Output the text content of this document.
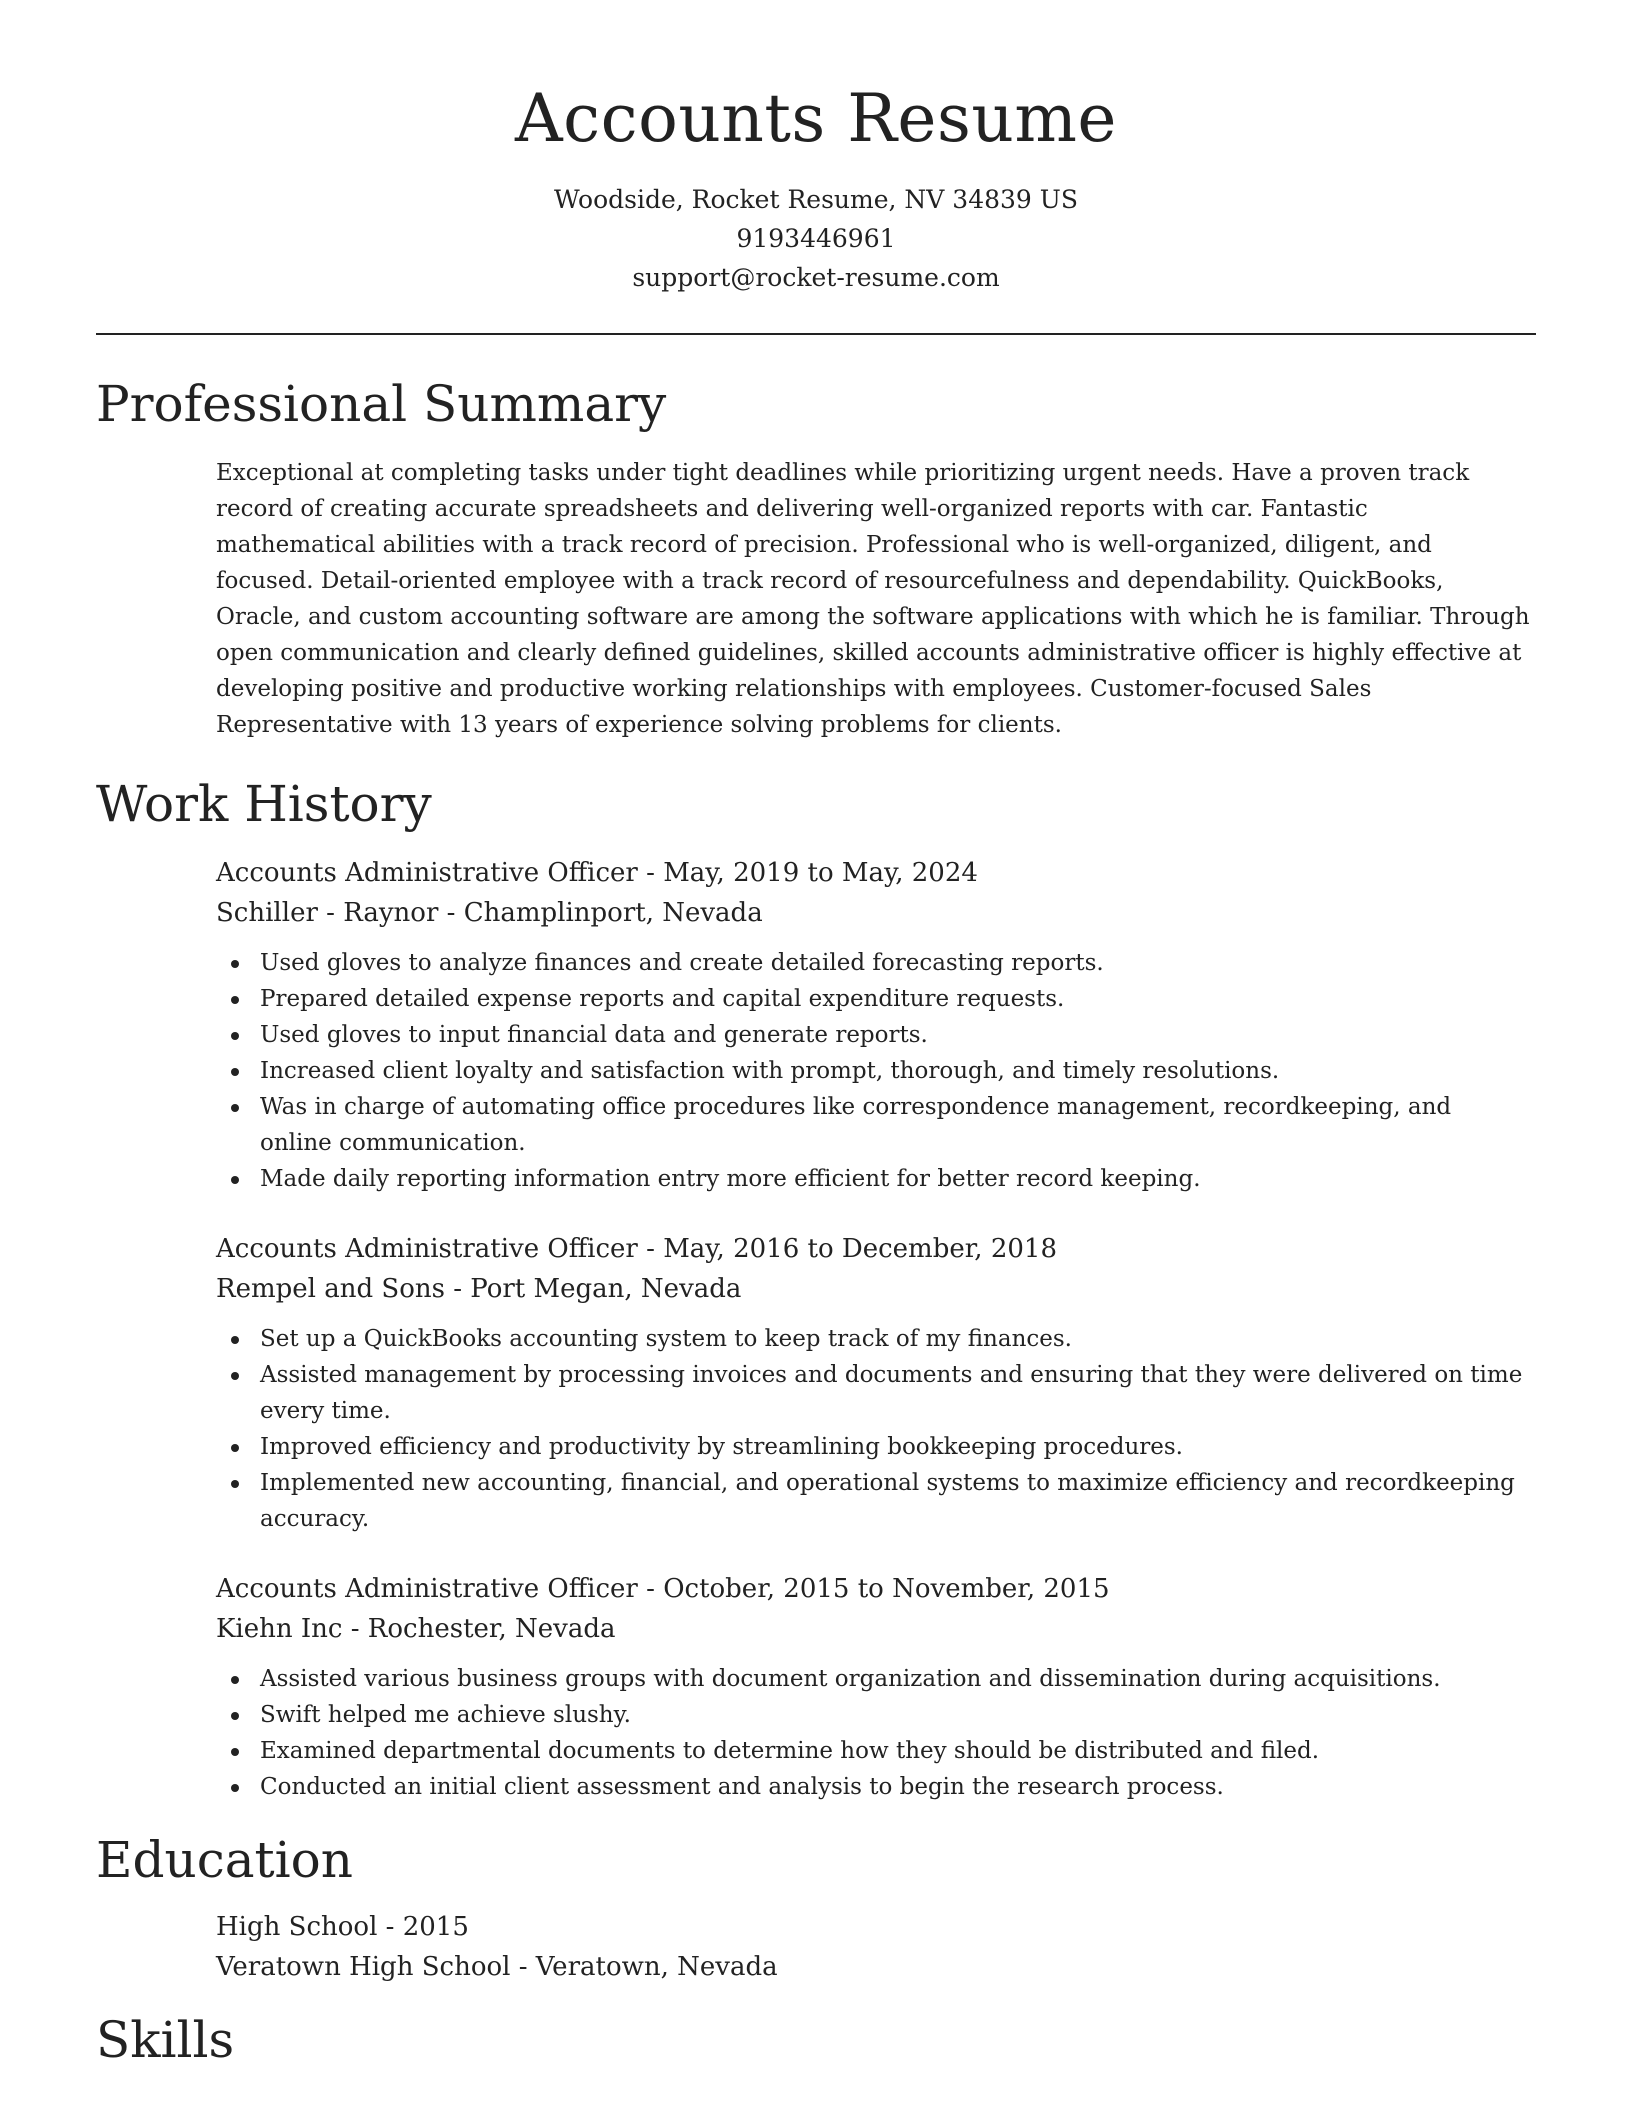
Accounts Resume
Woodside, Rocket Resume, NV 34839 US
9193446961
support@rocket-resume.com
Professional Summary

Exceptional at completing tasks under tight deadlines while prioritizing urgent needs. Have a proven track record of creating accurate spreadsheets and delivering well-organized reports with car. Fantastic mathematical abilities with a track record of precision. Professional who is well-organized, diligent, and focused. Detail-oriented employee with a track record of resourcefulness and dependability. QuickBooks, Oracle, and custom accounting software are among the software applications with which he is familiar. Through open communication and clearly defined guidelines, skilled accounts administrative officer is highly effective at developing positive and productive working relationships with employees. Customer-focused Sales Representative with 13 years of experience solving problems for clients.

Work History
Accounts Administrative Officer - May, 2019 to May, 2024
Schiller - Raynor - Champlinport, Nevada
Used gloves to analyze finances and create detailed forecasting reports.
Prepared detailed expense reports and capital expenditure requests.
Used gloves to input financial data and generate reports.
Increased client loyalty and satisfaction with prompt, thorough, and timely resolutions.
Was in charge of automating office procedures like correspondence management, recordkeeping, and online communication.
Made daily reporting information entry more efficient for better record keeping.
Accounts Administrative Officer - May, 2016 to December, 2018
Rempel and Sons - Port Megan, Nevada
Set up a QuickBooks accounting system to keep track of my finances.
Assisted management by processing invoices and documents and ensuring that they were delivered on time every time.
Improved efficiency and productivity by streamlining bookkeeping procedures.
Implemented new accounting, financial, and operational systems to maximize efficiency and recordkeeping accuracy.
Accounts Administrative Officer - October, 2015 to November, 2015
Kiehn Inc - Rochester, Nevada
Assisted various business groups with document organization and dissemination during acquisitions.
Swift helped me achieve slushy.
Examined departmental documents to determine how they should be distributed and filed.
Conducted an initial client assessment and analysis to begin the research process.
Education
High School - 2015
Veratown High School - Veratown, Nevada
Skills
